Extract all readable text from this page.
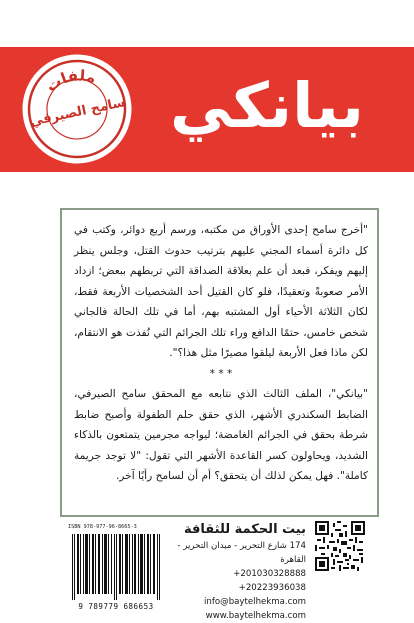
بيانكي
ملفات
سامح الصيرفي

"أخرج سامح إحدى الأوراق من مكتبه، ورسم أربع دوائر، وكتب في كل دائرة أسماء المجني عليهم بترتيب حدوث القتل، وجلس ينظر إليهم ويفكر، فبعد أن علم بعلاقة الصداقة التي تربطهم ببعض؛ ازداد الأمر صعوبةً وتعقيدًا، فلو كان القتيل أحد الشخصيات الأربعة فقط، لكان الثلاثة الأحياء أول المشتبه بهم، أما في تلك الحالة فالجاني شخص خامس، حتمًا الدافع وراء تلك الجرائم التي نُفذت هو الانتقام، لكن ماذا فعل الأربعة ليلقوا مصيرًا مثل هذا؟".

* * *

"بيانكي"، الملف الثالث الذي نتابعه مع المحقق سامح الصيرفي، الضابط السكندري الأشهر، الذي حقق حلم الطفولة وأصبح ضابط شرطة بحقق في الجرائم الغامضة؛ ليواجه مجرمين يتمتعون بالذكاء الشديد، ويحاولون كسر القاعدة الأشهر التي تقول: "لا توجد جريمة كاملة". فهل يمكن لذلك أن يتحقق؟ أم أن لسامح رأيًا آخر.

بيت الحكمة للثقافة

174 شارع التحرير - ميدان التحرير - القاهرة

+201030328888 +20223936038

info@baytelhekma.com

www.baytelhekma.com

ISBN 978-977-96-8665-3
9 789779 686653
